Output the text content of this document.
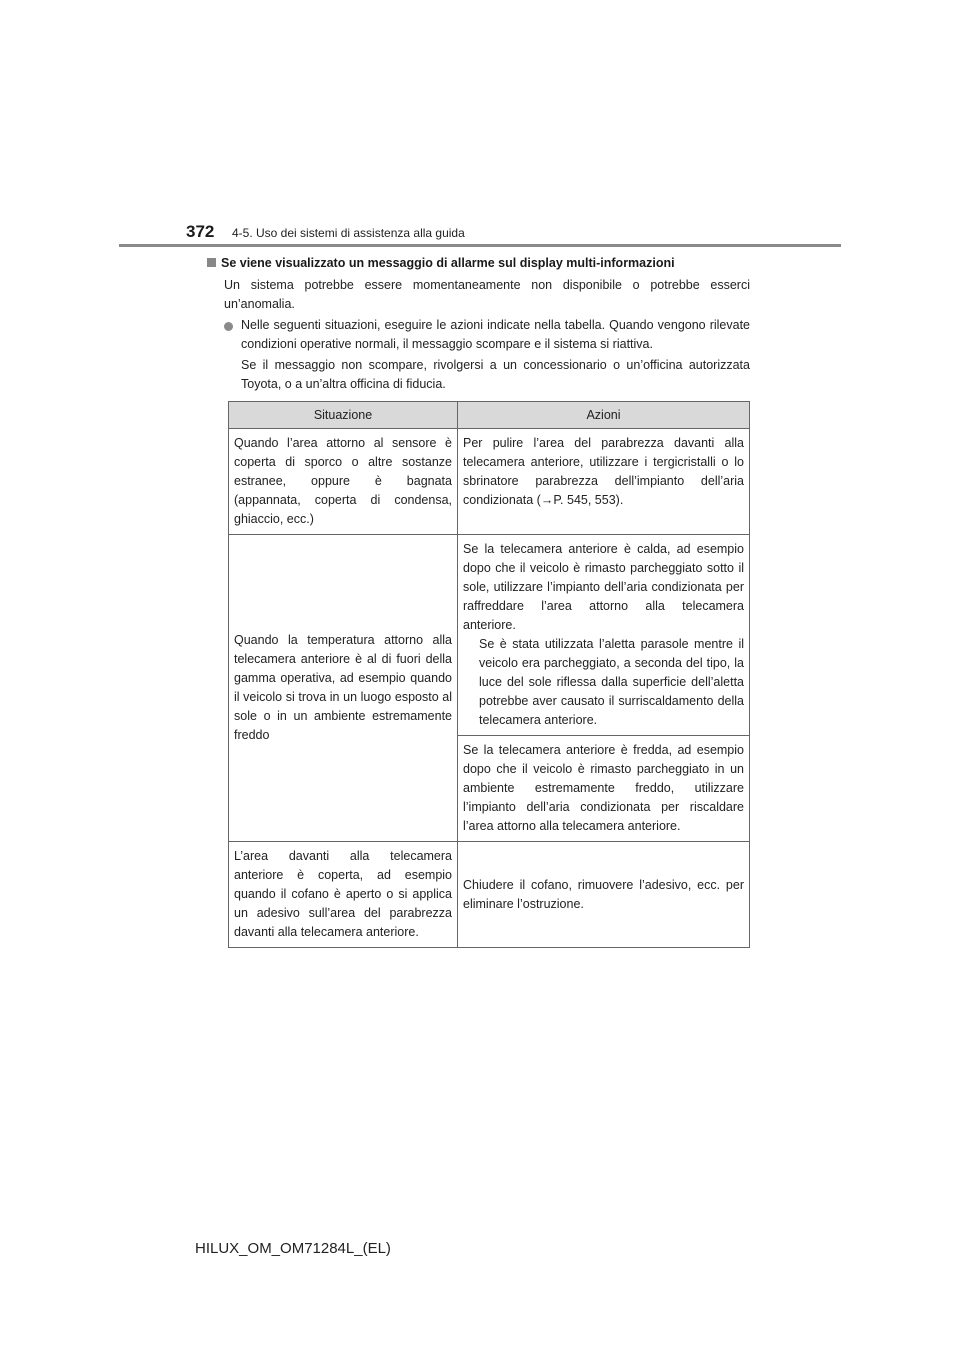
372 4-5. Uso dei sistemi di assistenza alla guida
Se viene visualizzato un messaggio di allarme sul display multi-informazioni
Un sistema potrebbe essere momentaneamente non disponibile o potrebbe esserci un’anomalia.
Nelle seguenti situazioni, eseguire le azioni indicate nella tabella. Quando vengono rilevate condizioni operative normali, il messaggio scompare e il sistema si riattiva.
Se il messaggio non scompare, rivolgersi a un concessionario o un’officina autorizzata Toyota, o a un’altra officina di fiducia.
Situazione	Azioni
Quando l’area attorno al sensore è coperta di sporco o altre sostanze estranee, oppure è bagnata (appannata, coperta di condensa, ghiaccio, ecc.)	Per pulire l’area del parabrezza davanti alla telecamera anteriore, utilizzare i tergicristalli o lo sbrinatore parabrezza dell’impianto dell’aria condizionata (→P. 545, 553).
Quando la temperatura attorno alla telecamera anteriore è al di fuori della gamma operativa, ad esempio quando il veicolo si trova in un luogo esposto al sole o in un ambiente estremamente freddo	Se la telecamera anteriore è calda, ad esempio dopo che il veicolo è rimasto parcheggiato sotto il sole, utilizzare l’impianto dell’aria condizionata per raffreddare l’area attorno alla telecamera anteriore.
Se è stata utilizzata l’aletta parasole mentre il veicolo era parcheggiato, a seconda del tipo, la luce del sole riflessa dalla superficie dell’aletta potrebbe aver causato il surriscaldamento della telecamera anteriore.

	Se la telecamera anteriore è fredda, ad esempio dopo che il veicolo è rimasto parcheggiato in un ambiente estremamente freddo, utilizzare l’impianto dell’aria condizionata per riscaldare l’area attorno alla telecamera anteriore.
L’area davanti alla telecamera anteriore è coperta, ad esempio quando il cofano è aperto o si applica un adesivo sull’area del parabrezza davanti alla telecamera anteriore.	Chiudere il cofano, rimuovere l’adesivo, ecc. per eliminare l’ostruzione.
HILUX_OM_OM71284L_(EL)
